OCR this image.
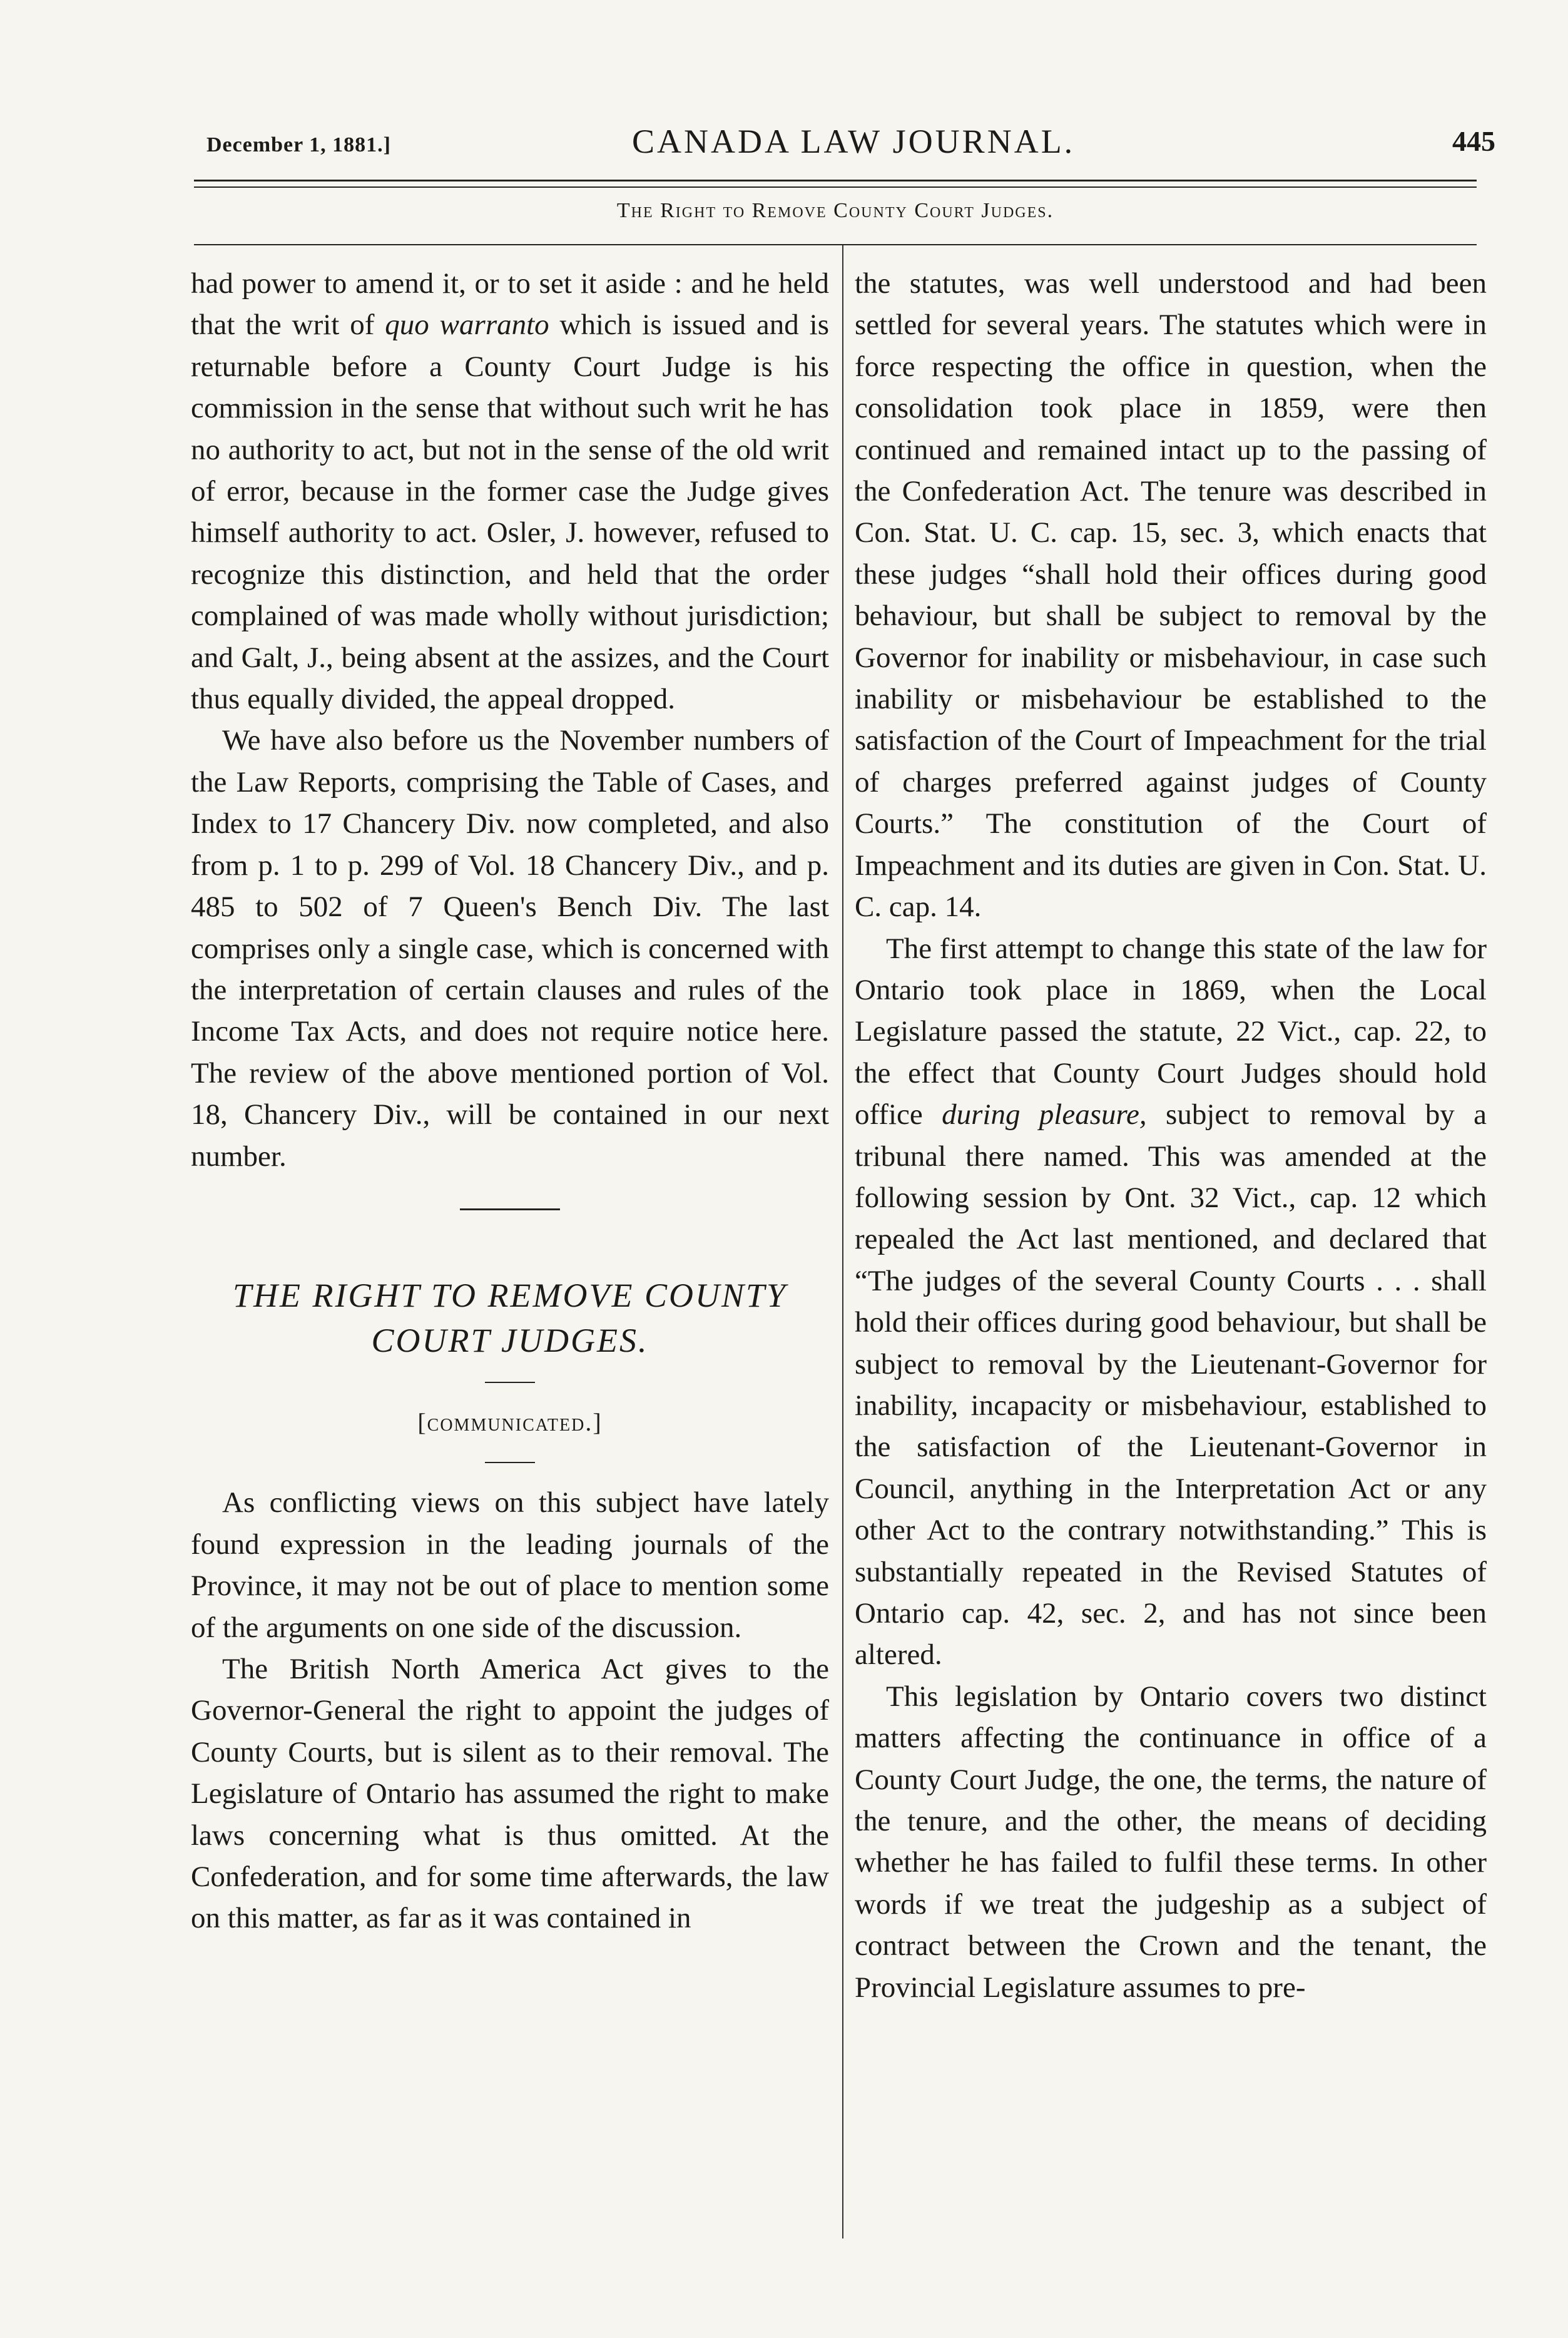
December 1, 1881.]	CANADA LAW JOURNAL.	445
The Right to Remove County Court Judges.

had power to amend it, or to set it aside : and he held that the writ of quo warranto which is issued and is returnable before a County Court Judge is his commission in the sense that without such writ he has no authority to act, but not in the sense of the old writ of error, because in the former case the Judge gives himself authority to act. Osler, J. however, refused to recognize this distinction, and held that the order complained of was made wholly without jurisdiction; and Galt, J., being absent at the assizes, and the Court thus equally divided, the appeal dropped.

We have also before us the November numbers of the Law Reports, comprising the Table of Cases, and Index to 17 Chancery Div. now completed, and also from p. 1 to p. 299 of Vol. 18 Chancery Div., and p. 485 to 502 of 7 Queen's Bench Div. The last comprises only a single case, which is concerned with the interpretation of certain clauses and rules of the Income Tax Acts, and does not require notice here. The review of the above mentioned portion of Vol. 18, Chancery Div., will be contained in our next number.

THE RIGHT TO REMOVE COUNTY
COURT JUDGES.

[communicated.]

As conflicting views on this subject have lately found expression in the leading journals of the Province, it may not be out of place to mention some of the arguments on one side of the discussion.

The British North America Act gives to the Governor-General the right to appoint the judges of County Courts, but is silent as to their removal. The Legislature of Ontario has assumed the right to make laws concerning what is thus omitted. At the Confederation, and for some time afterwards, the law on this matter, as far as it was contained in

the statutes, was well understood and had been settled for several years. The statutes which were in force respecting the office in question, when the consolidation took place in 1859, were then continued and remained intact up to the passing of the Confederation Act. The tenure was described in Con. Stat. U. C. cap. 15, sec. 3, which enacts that these judges “shall hold their offices during good behaviour, but shall be subject to removal by the Governor for inability or misbehaviour, in case such inability or misbehaviour be established to the satisfaction of the Court of Impeachment for the trial of charges preferred against judges of County Courts.” The constitution of the Court of Impeachment and its duties are given in Con. Stat. U. C. cap. 14.

The first attempt to change this state of the law for Ontario took place in 1869, when the Local Legislature passed the statute, 22 Vict., cap. 22, to the effect that County Court Judges should hold office during pleasure, subject to removal by a tribunal there named. This was amended at the following session by Ont. 32 Vict., cap. 12 which repealed the Act last mentioned, and declared that “The judges of the several County Courts . . . shall hold their offices during good behaviour, but shall be subject to removal by the Lieutenant-Governor for inability, incapacity or misbehaviour, established to the satisfaction of the Lieutenant-Governor in Council, anything in the Interpretation Act or any other Act to the contrary notwithstanding.” This is substantially repeated in the Revised Statutes of Ontario cap. 42, sec. 2, and has not since been altered.

This legislation by Ontario covers two distinct matters affecting the continuance in office of a County Court Judge, the one, the terms, the nature of the tenure, and the other, the means of deciding whether he has failed to fulfil these terms. In other words if we treat the judgeship as a subject of contract between the Crown and the tenant, the Provincial Legislature assumes to pre-
